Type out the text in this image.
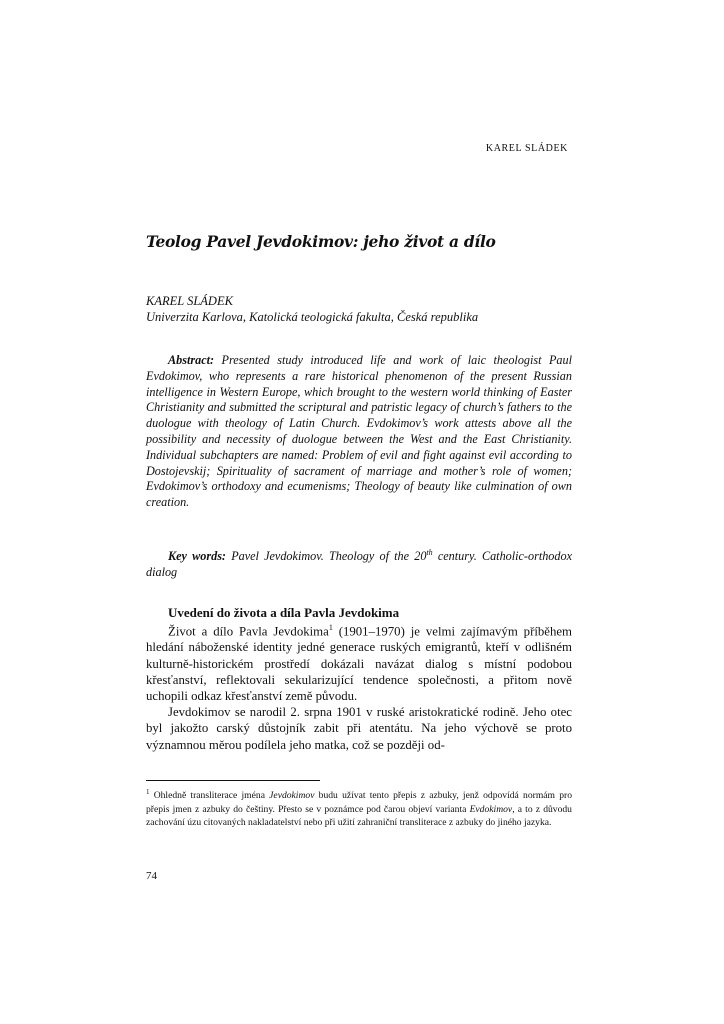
KAREL SLÁDEK
Teolog Pavel Jevdokimov: jeho život a dílo
KAREL SLÁDEK
Univerzita Karlova, Katolická teologická fakulta, Česká republika

Abstract: Presented study introduced life and work of laic theologist Paul Evdokimov, who represents a rare historical phenomenon of the present Russian intelligence in Western Europe, which brought to the western world thinking of Easter Christianity and submitted the scriptural and patristic legacy of church’s fathers to the duologue with theology of Latin Church. Evdokimov’s work attests above all the possibility and necessity of duologue between the West and the East Christianity. Individual subchapters are named: Problem of evil and fight against evil according to Dostojevskij; Spirituality of sacrament of marriage and mother’s role of women; Evdokimov’s orthodoxy and ecumenisms; Theology of beauty like culmination of own creation.

Key words: Pavel Jevdokimov. Theology of the 20th century. Catholic-orthodox dialog

Uvedení do života a díla Pavla Jevdokima

Život a dílo Pavla Jevdokima$^1$ (1901–1970) je velmi zajímavým příběhem hledání náboženské identity jedné generace ruských emigrantů, kteří v odlišném kulturně-historickém prostředí dokázali navázat dialog s místní podobou křesťanství, reflektovali sekularizující tendence společnosti, a přitom nově uchopili odkaz křesťanství země původu.

Jevdokimov se narodil 2. srpna 1901 v ruské aristokratické rodině. Jeho otec byl jakožto carský důstojník zabit při atentátu. Na jeho výchově se proto významnou měrou podílela jeho matka, což se později od-

$^1$ Ohledně transliterace jména Jevdokimov budu užívat tento přepis z azbuky, jenž odpovídá normám pro přepis jmen z azbuky do češtiny. Přesto se v poznámce pod čarou objeví varianta Evdokimov, a to z důvodu zachování úzu citovaných nakladatelství nebo při užití zahraniční transliterace z azbuky do jiného jazyka.

74
